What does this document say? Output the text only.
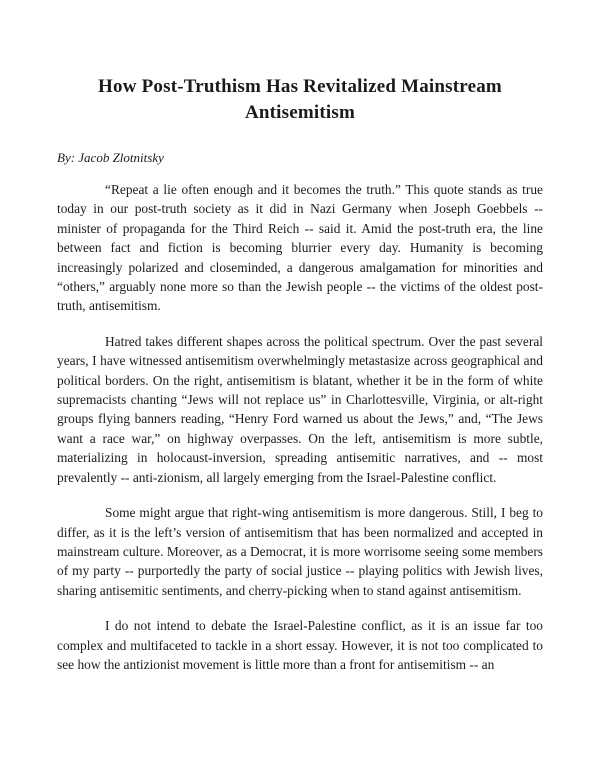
How Post-Truthism Has Revitalized Mainstream
Antisemitism

By: Jacob Zlotnitsky

“Repeat a lie often enough and it becomes the truth.” This quote stands as true today in our post-truth society as it did in Nazi Germany when Joseph Goebbels -- minister of propaganda for the Third Reich -- said it. Amid the post-truth era, the line between fact and fiction is becoming blurrier every day. Humanity is becoming increasingly polarized and closeminded, a dangerous amalgamation for minorities and “others,” arguably none more so than the Jewish people -- the victims of the oldest post-truth, antisemitism.

Hatred takes different shapes across the political spectrum. Over the past several years, I have witnessed antisemitism overwhelmingly metastasize across geographical and political borders. On the right, antisemitism is blatant, whether it be in the form of white supremacists chanting “Jews will not replace us” in Charlottesville, Virginia, or alt-right groups flying banners reading, “Henry Ford warned us about the Jews,” and, “The Jews want a race war,” on highway overpasses. On the left, antisemitism is more subtle, materializing in holocaust-inversion, spreading antisemitic narratives, and -- most prevalently -- anti-zionism, all largely emerging from the Israel-Palestine conflict.

Some might argue that right-wing antisemitism is more dangerous. Still, I beg to differ, as it is the left’s version of antisemitism that has been normalized and accepted in mainstream culture. Moreover, as a Democrat, it is more worrisome seeing some members of my party -- purportedly the party of social justice -- playing politics with Jewish lives, sharing antisemitic sentiments, and cherry-picking when to stand against antisemitism.

I do not intend to debate the Israel-Palestine conflict, as it is an issue far too complex and multifaceted to tackle in a short essay. However, it is not too complicated to see how the antizionist movement is little more than a front for antisemitism -- an
